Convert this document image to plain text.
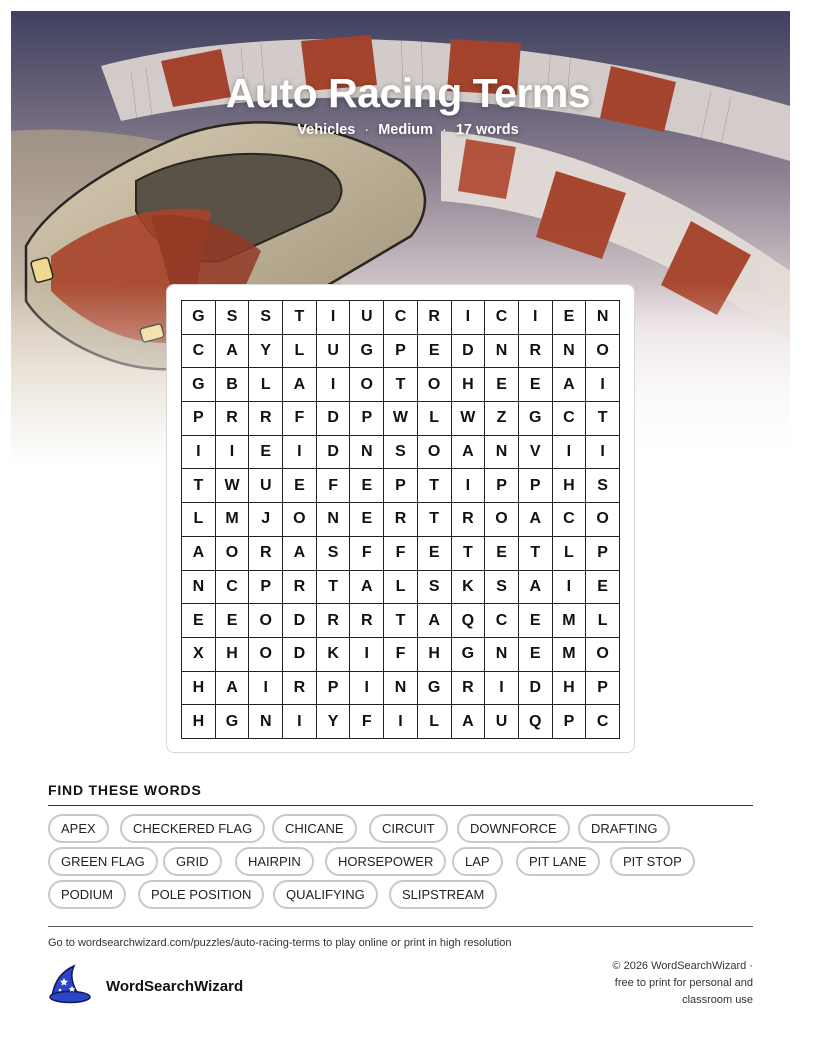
Auto Racing Terms
Vehicles · Medium · 17 words
G	S	S	T	I	U	C	R	I	C	I	E	N
C	A	Y	L	U	G	P	E	D	N	R	N	O
G	B	L	A	I	O	T	O	H	E	E	A	I
P	R	R	F	D	P	W	L	W	Z	G	C	T
I	I	E	I	D	N	S	O	A	N	V	I	I
T	W	U	E	F	E	P	T	I	P	P	H	S
L	M	J	O	N	E	R	T	R	O	A	C	O
A	O	R	A	S	F	F	E	T	E	T	L	P
N	C	P	R	T	A	L	S	K	S	A	I	E
E	E	O	D	R	R	T	A	Q	C	E	M	L
X	H	O	D	K	I	F	H	G	N	E	M	O
H	A	I	R	P	I	N	G	R	I	D	H	P
H	G	N	I	Y	F	I	L	A	U	Q	P	C
FIND THESE WORDS
APEX	CHECKERED FLAG	CHICANE	CIRCUIT	DOWNFORCE	DRAFTING
GREEN FLAG	GRID	HAIRPIN	HORSEPOWER	LAP	PIT LANE	PIT STOP
PODIUM	POLE POSITION	QUALIFYING	SLIPSTREAM
Go to wordsearchwizard.com/puzzles/auto-racing-terms to play online or print in high resolution
WordSearchWizard
© 2026 WordSearchWizard ·
free to print for personal and
classroom use
